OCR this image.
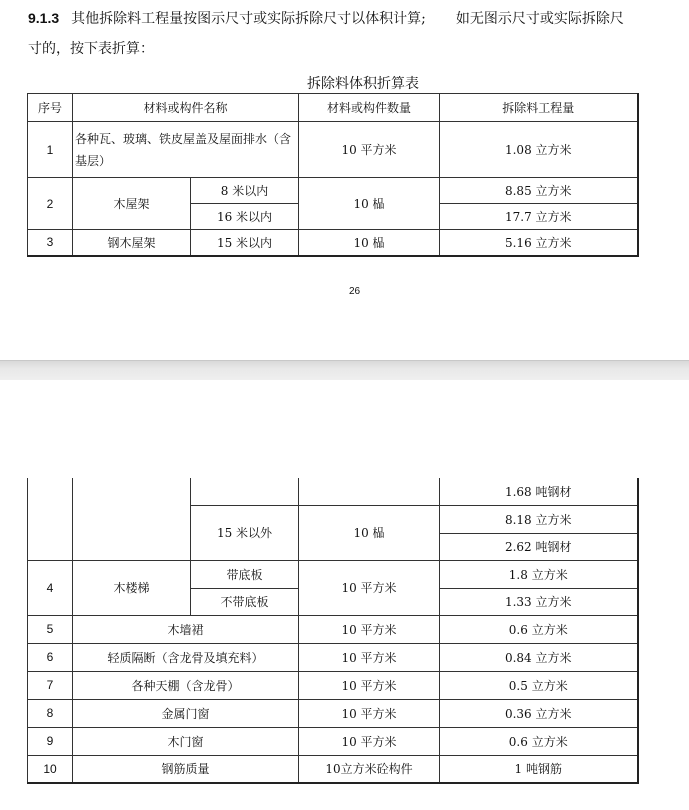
9.1.3 其他拆除料工程量按图示尺寸或实际拆除尺寸以体积计算; 如无图示尺寸或实际拆除尺
寸的，按下表折算：
拆除料体积折算表
序号	材料或构件名称		材料或构件数量	拆除料工程量
1	各种瓦、玻璃、铁皮屋盖及屋面排水（含基层）		10 平方米	1.08 立方米
2	木屋架	8 米以内	10 榀	8.85 立方米
		16 米以内		17.7 立方米
3	钢木屋架	15 米以内	10 榀	5.16 立方米
26
				1.68 吨钢材
		15 米以外	10 榀	8.18 立方米
				2.62 吨钢材
4	木楼梯	带底板	10 平方米	1.8 立方米
		不带底板		1.33 立方米
5	木墙裙		10 平方米	0.6 立方米
6	轻质隔断（含龙骨及填充料）		10 平方米	0.84 立方米
7	各种天棚（含龙骨）		10 平方米	0.5 立方米
8	金属门窗		10 平方米	0.36 立方米
9	木门窗		10 平方米	0.6 立方米
10	钢筋质量		10立方米砼构件	1 吨钢筋
